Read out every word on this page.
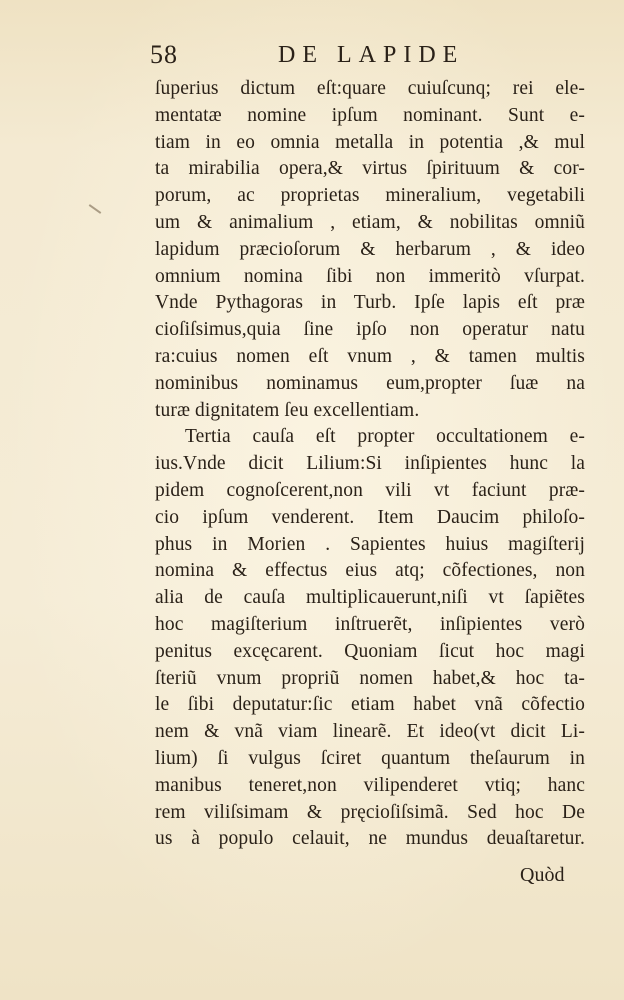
58	DE LAPIDE
ſuperius dictum eſt:quare cuiuſcunq; rei ele-
mentatæ nomine ipſum nominant. Sunt e-
tiam in eo omnia metalla in potentia ,& mul
ta mirabilia opera,& virtus ſpirituum & cor-
porum, ac proprietas mineralium, vegetabili
um & animalium , etiam, & nobilitas omniũ
lapidum præcioſorum & herbarum , & ideo
omnium nomina ſibi non immeritò vſurpat.
Vnde Pythagoras in Turb. Ipſe lapis eſt præ
cioſiſsimus,quia ſine ipſo non operatur natu
ra:cuius nomen eſt vnum , & tamen multis
nominibus nominamus eum,propter ſuæ na
turæ dignitatem ſeu excellentiam.
Tertia cauſa eſt propter occultationem e-
ius.Vnde dicit Lilium:Si inſipientes hunc la
pidem cognoſcerent,non vili vt faciunt præ-
cio ipſum venderent. Item Daucim philoſo-
phus in Morien . Sapientes huius magiſterij
nomina & effectus eius atq; cõfectiones, non
alia de cauſa multiplicauerunt,niſi vt ſapiẽtes
hoc magiſterium inſtruerẽt, inſipientes verò
penitus excęcarent. Quoniam ſicut hoc magi
ſteriũ vnum propriũ nomen habet,& hoc ta-
le ſibi deputatur:ſic etiam habet vnã cõfectio
nem & vnã viam linearẽ. Et ideo(vt dicit Li-
lium) ſi vulgus ſciret quantum theſaurum in
manibus teneret,non vilipenderet vtiq; hanc
rem viliſsimam & pręcioſiſsimã. Sed hoc De
us à populo celauit, ne mundus deuaſtaretur.
Quòd
